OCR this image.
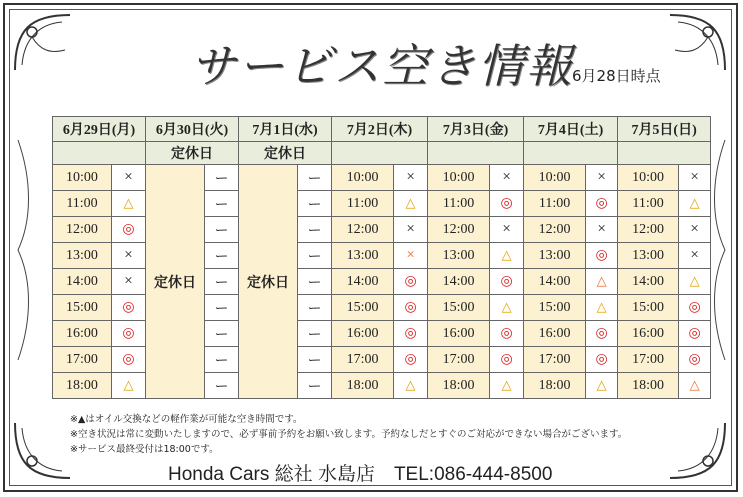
サービス空き情報
6月28日時点
6月29日(月)		6月30日(火)		7月1日(水)		7月2日(木)		7月3日(金)		7月4日(土)		7月5日(日)	
		定休日		定休日									
10:00	×	定休日	ー	定休日	ー	10:00	×	10:00	×	10:00	×	10:00	×
11:00	△		ー		ー	11:00	△	11:00	◎	11:00	◎	11:00	△
12:00	◎		ー		ー	12:00	×	12:00	×	12:00	×	12:00	×
13:00	×		ー		ー	13:00	×	13:00	△	13:00	◎	13:00	×
14:00	×		ー		ー	14:00	◎	14:00	◎	14:00	△	14:00	△
15:00	◎		ー		ー	15:00	◎	15:00	△	15:00	△	15:00	◎
16:00	◎		ー		ー	16:00	◎	16:00	◎	16:00	◎	16:00	◎
17:00	◎		ー		ー	17:00	◎	17:00	◎	17:00	◎	17:00	◎
18:00	△		ー		ー	18:00	△	18:00	△	18:00	△	18:00	△
※▲はオイル交換などの軽作業が可能な空き時間です。
※空き状況は常に変動いたしますので、必ず事前予約をお願い致します。予約なしだとすぐのご対応ができない場合がございます。
※サービス最終受付は18:00です。
Honda Cars 総社 水島店　TEL:086-444-8500
